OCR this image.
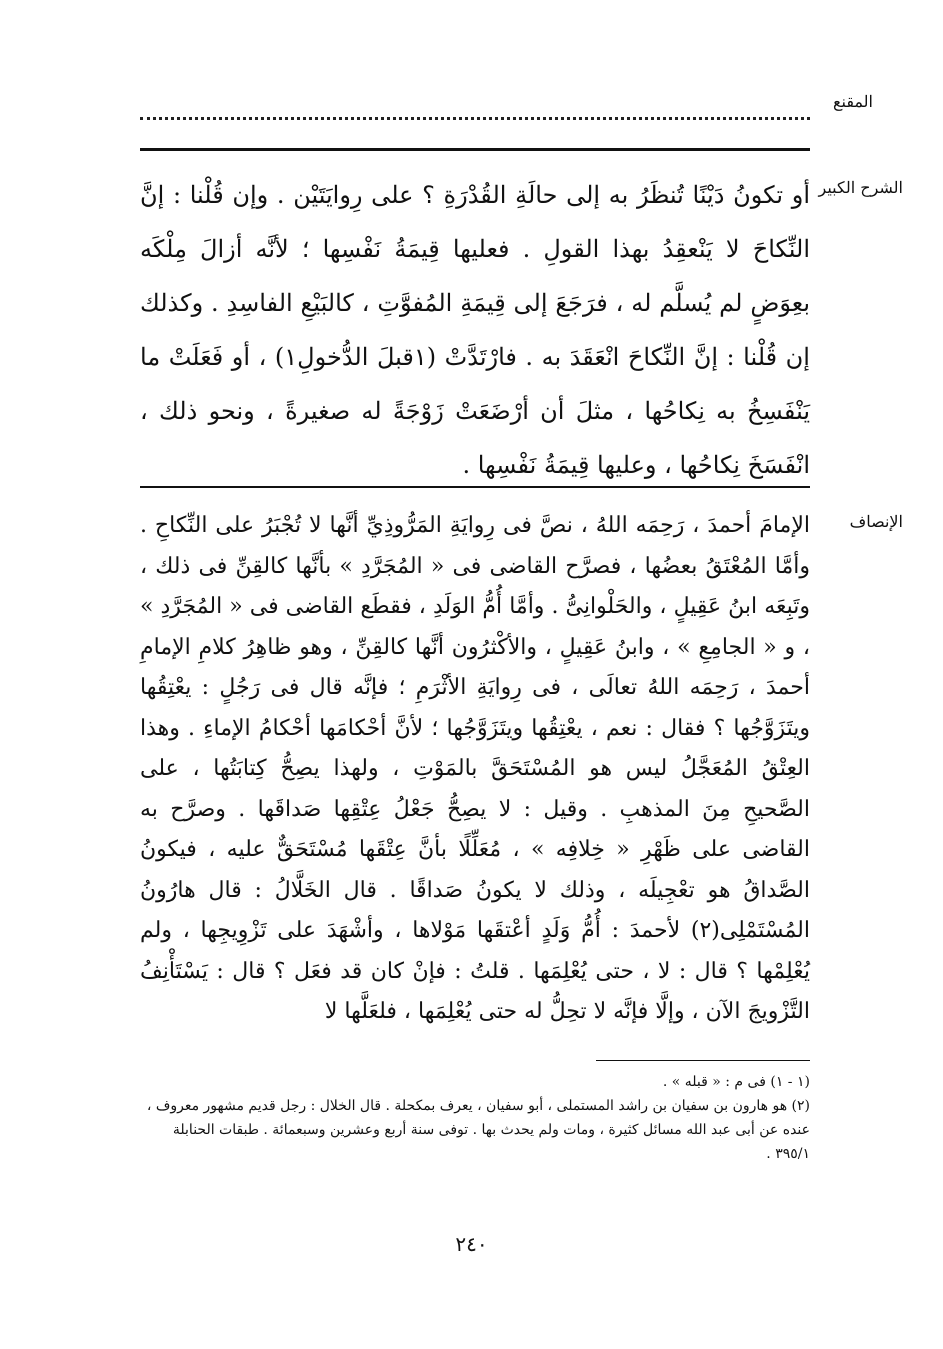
المقنع
الشرح الكبير

أو تكونُ دَيْنًا تُنظَرُ به إلى حالَةِ القُدْرَةِ ؟ على رِوايَتَيْن . وإن قُلْنا : إنَّ النِّكاحَ لا يَنْعقِدُ بهذا القولِ . فعليها قِيمَةُ نَفْسِها ؛ لأنَّه أزالَ مِلْكَه بعِوَضٍ لم يُسلَّم له ، فرَجَعَ إلى قِيمَةِ المُفوَّتِ ، كالبَيْعِ الفاسِدِ . وكذلك إن قُلْنا : إنَّ النِّكاحَ انْعَقَدَ به . فارْتَدَّتْ (١قبلَ الدُّخولِ١) ، أو فَعَلَتْ ما يَنْفَسِخُ به نِكاحُها ، مثلَ أن أرْضَعَتْ زَوْجَةً له صغيرةً ، ونحو ذلك ، انْفَسَخَ نِكاحُها ، وعليها قِيمَةُ نَفْسِها .

الإنصاف

الإمامَ أحمدَ ، رَحِمَه اللهُ ، نصَّ فى رِوايَةِ المَرُّوذِيِّ أنَّها لا تُجْبَرُ على النِّكاحِ . وأمَّا المُعْتَقُ بعضُها ، فصرَّح القاضى فى « المُجَرَّدِ » بأنَّها كالقِنِّ فى ذلك ، وتَبِعَه ابنُ عَقِيلٍ ، والحَلْوانِىُّ . وأمَّا أُمُّ الوَلَدِ ، فقطَع القاضى فى « المُجَرَّدِ » ، و « الجامِعِ » ، وابنُ عَقِيلٍ ، والأكْثرُون أنَّها كالقِنِّ ، وهو ظاهِرُ كلامِ الإمامِ أحمدَ ، رَحِمَه اللهُ تعالَى ، فى رِوايَةِ الأثْرَمِ ؛ فإنَّه قال فى رَجُلٍ : يعْتِقُها ويتَزَوَّجُها ؟ فقال : نعم ، يعْتِقُها ويتَزَوَّجُها ؛ لأنَّ أحْكامَها أحْكامُ الإماءِ . وهذا العِتْقُ المُعَجَّلُ ليس هو المُسْتَحَقَّ بالمَوْتِ ، ولهذا يصِحُّ كِتابَتُها ، على الصَّحيحِ مِنَ المذهبِ . وقيل : لا يصِحُّ جَعْلُ عِتْقِها صَداقَها . وصرَّح به القاضى على ظَهْرِ « خِلافِه » ، مُعَلِّلًا بأنَّ عِتْقَها مُسْتَحَقٌّ عليه ، فيكونُ الصَّداقُ هو تعْجِيلَه ، وذلك لا يكونُ صَداقًا . قال الخَلَّالُ : قال هارُونُ المُسْتَمْلِى(٢) لأحمدَ : أُمُّ وَلَدٍ أعْتقَها مَوْلاها ، وأشْهَدَ على تَزْوِيجِها ، ولم يُعْلِمْها ؟ قال : لا ، حتى يُعْلِمَها . قلتُ : فإنْ كان قد فعَل ؟ قال : يَسْتَأْنِفُ التَّزْويجَ الآن ، وإلَّا فإنَّه لا تحِلُّ له حتى يُعْلِمَها ، فلعَلَّها لا

(١ - ١) فى م : « قبله » .
(٢) هو هارون بن سفيان بن راشد المستملى ، أبو سفيان ، يعرف بمكحلة . قال الخلال : رجل قديم مشهور معروف ، عنده عن أبى عبد الله مسائل كثيرة ، ومات ولم يحدث بها . توفى سنة أربع وعشرين وسبعمائة . طبقات الحنابلة ٣٩٥/١ .
٢٤٠
